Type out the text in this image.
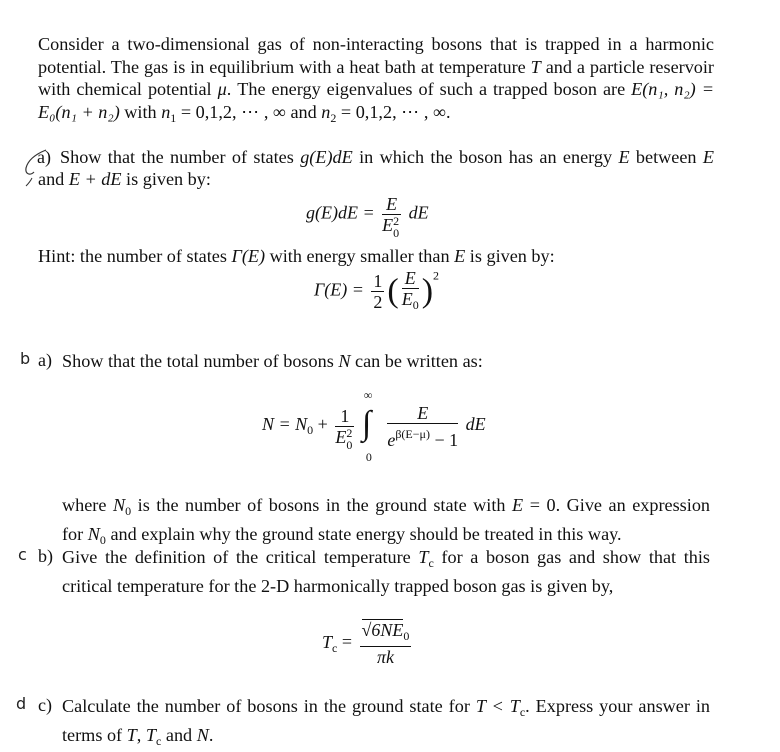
Consider a two-dimensional gas of non-interacting bosons that is trapped in a harmonic
potential. The gas is in equilibrium with a heat bath at temperature T and a particle reservoir
with chemical potential μ. The energy eigenvalues of such a trapped boson are E(n₁, n₂) =
E₀(n₁ + n₂) with $n_1 = 0,1,2$, ⋯ , ∞ and $n_2 = 0,1,2$, ⋯ , ∞.
a) Show that the number of states g(E)dE in which the boson has an energy E between E
and E + dE is given by:
g(E)dE = E
E 2
0 dE
Hint: the number of states Γ(E) with energy smaller than E is given by:
$\Gamma(E) = \frac{1}{2}$ ( $\frac{E}{E_0} )^2$
b a) Show that the total number of bosons N can be written as:
$N = N_0 + 1$
E 2
0

∞
∫
0

$\frac{E}{e^{\beta(E-\mu)} - 1}$ dE
where $N_0$ is the number of bosons in the ground state with E = 0. Give an expression
for $N_0$ and explain why the ground state energy should be treated in this way.
c b) Give the definition of the critical temperature $T_c$ for a boson gas and show that this
critical temperature for the 2-D harmonically trapped boson gas is given by,
$T_c = \frac{√6NE_0}{\pi k}$
d c) Calculate the number of bosons in the ground state for $T < T_c$. Express your answer in
terms of T, $T_c$ and N.
